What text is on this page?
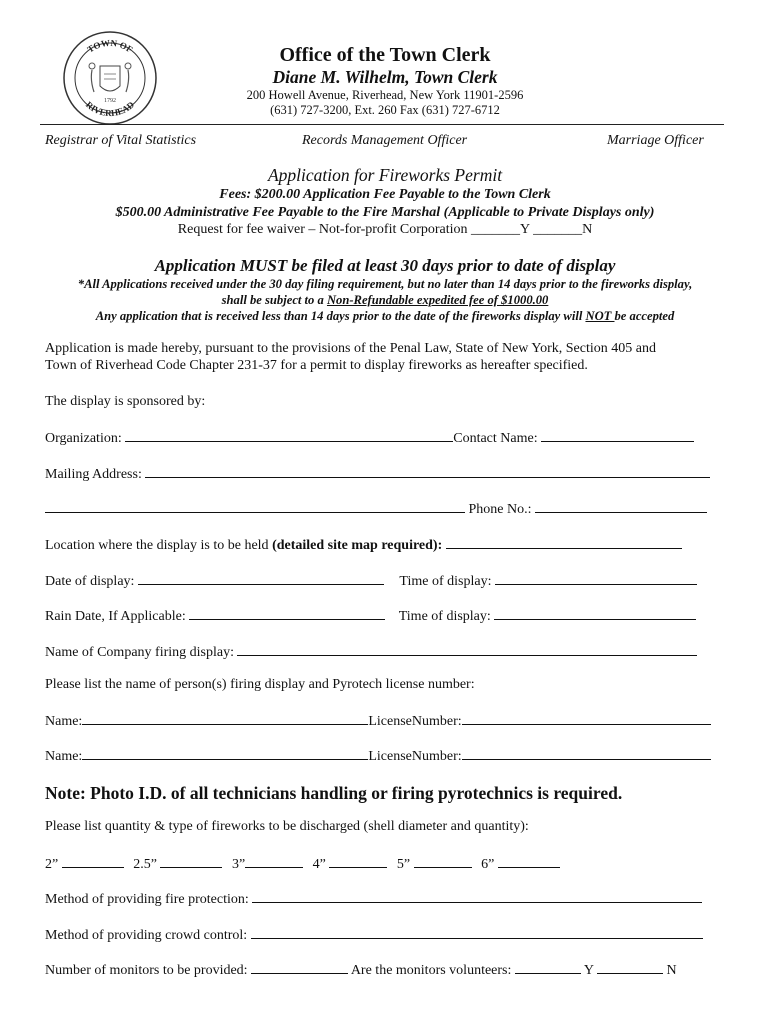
TOWN OF
RIVERHEAD
1792
Office of the Town Clerk
Diane M. Wilhelm, Town Clerk
200 Howell Avenue, Riverhead, New York 11901-2596
(631) 727-3200, Ext. 260 Fax (631) 727-6712
Registrar of Vital Statistics	Records Management Officer	Marriage Officer
Application for Fireworks Permit
Fees: $200.00 Application Fee Payable to the Town Clerk
$500.00 Administrative Fee Payable to the Fire Marshal (Applicable to Private Displays only)
Request for fee waiver – Not-for-profit Corporation _______Y _______N
Application MUST be filed at least 30 days prior to date of display
*All Applications received under the 30 day filing requirement, but no later than 14 days prior to the fireworks display,
shall be subject to a Non-Refundable expedited fee of $1000.00
Any application that is received less than 14 days prior to the date of the fireworks display will NOT be accepted
Application is made hereby, pursuant to the provisions of the Penal Law, State of New York, Section 405 and
Town of Riverhead Code Chapter 231-37 for a permit to display fireworks as hereafter specified.
The display is sponsored by:
Organization:	Contact Name:
Mailing Address:
Phone No.:
Location where the display is to be held (detailed site map required):
Date of display:	Time of display:
Rain Date, If Applicable:	Time of display:
Name of Company firing display:
Please list the name of person(s) firing display and Pyrotech license number:
Name:	LicenseNumber:
Name:	LicenseNumber:
Note: Photo I.D. of all technicians handling or firing pyrotechnics is required.
Please list quantity & type of fireworks to be discharged (shell diameter and quantity):
2”	2.5”	3”	4”	5”	6”
Method of providing fire protection:
Method of providing crowd control:
Number of monitors to be provided:	Are the monitors volunteers:	Y	N
